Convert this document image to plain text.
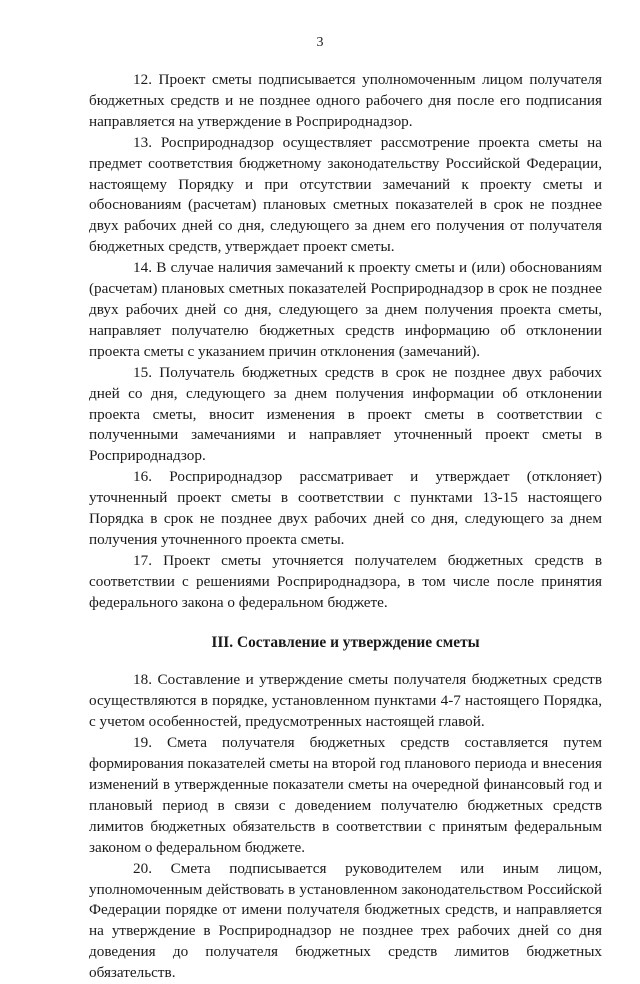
3

12. Проект сметы подписывается уполномоченным лицом получателя бюджетных средств и не позднее одного рабочего дня после его подписания направляется на утверждение в Росприроднадзор.

13. Росприроднадзор осуществляет рассмотрение проекта сметы на предмет соответствия бюджетному законодательству Российской Федерации, настоящему Порядку и при отсутствии замечаний к проекту сметы и обоснованиям (расчетам) плановых сметных показателей в срок не позднее двух рабочих дней со дня, следующего за днем его получения от получателя бюджетных средств, утверждает проект сметы.

14. В случае наличия замечаний к проекту сметы и (или) обоснованиям (расчетам) плановых сметных показателей Росприроднадзор в срок не позднее двух рабочих дней со дня, следующего за днем получения проекта сметы, направляет получателю бюджетных средств информацию об отклонении проекта сметы с указанием причин отклонения (замечаний).

15. Получатель бюджетных средств в срок не позднее двух рабочих дней со дня, следующего за днем получения информации об отклонении проекта сметы, вносит изменения в проект сметы в соответствии с полученными замечаниями и направляет уточненный проект сметы в Росприроднадзор.

16. Росприроднадзор рассматривает и утверждает (отклоняет) уточненный проект сметы в соответствии с пунктами 13-15 настоящего Порядка в срок не позднее двух рабочих дней со дня, следующего за днем получения уточненного проекта сметы.

17. Проект сметы уточняется получателем бюджетных средств в соответствии с решениями Росприроднадзора, в том числе после принятия федерального закона о федеральном бюджете.

III. Составление и утверждение сметы

18. Составление и утверждение сметы получателя бюджетных средств осуществляются в порядке, установленном пунктами 4-7 настоящего Порядка, с учетом особенностей, предусмотренных настоящей главой.

19. Смета получателя бюджетных средств составляется путем формирования показателей сметы на второй год планового периода и внесения изменений в утвержденные показатели сметы на очередной финансовый год и плановый период в связи с доведением получателю бюджетных средств лимитов бюджетных обязательств в соответствии с принятым федеральным законом о федеральном бюджете.

20. Смета подписывается руководителем или иным лицом, уполномоченным действовать в установленном законодательством Российской Федерации порядке от имени получателя бюджетных средств, и направляется на утверждение в Росприроднадзор не позднее трех рабочих дней со дня доведения до получателя бюджетных средств лимитов бюджетных обязательств.
